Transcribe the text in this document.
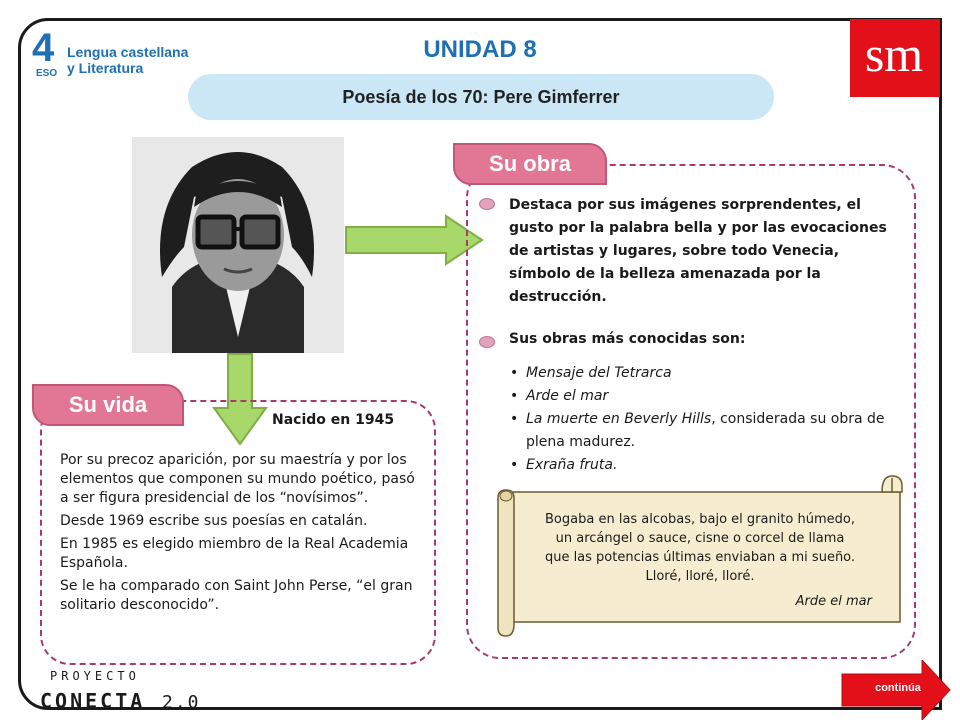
4
ESO
Lengua castellana
y Literatura
UNIDAD 8	sm
Poesía de los 70: Pere Gimferrer
Su vida
Nacido en 1945

Por su precoz aparición, por su maestría y por los elementos que componen su mundo poético, pasó a ser figura presidencial de los “novísimos”.

Desde 1969 escribe sus poesías en catalán.

En 1985 es elegido miembro de la Real Academia Española.

Se le ha comparado con Saint John Perse, “el gran solitario desconocido”.

Su obra
Destaca por sus imágenes sorprendentes, el gusto por la palabra bella y por las evocaciones de artistas y lugares, sobre todo Venecia, símbolo de la belleza amenazada por la destrucción.
Sus obras más conocidas son:
• Mensaje del Tetrarca
• Arde el mar
• La muerte en Beverly Hills, considerada su obra de plena madurez.
• Exraña fruta.
Bogaba en las alcobas, bajo el granito húmedo,
un arcángel o sauce, cisne o corcel de llama
que las potencias últimas enviaban a mi sueño.
Lloré, lloré, lloré.
Arde el mar
PROYECTO
CONECTA 2.0
continúa
